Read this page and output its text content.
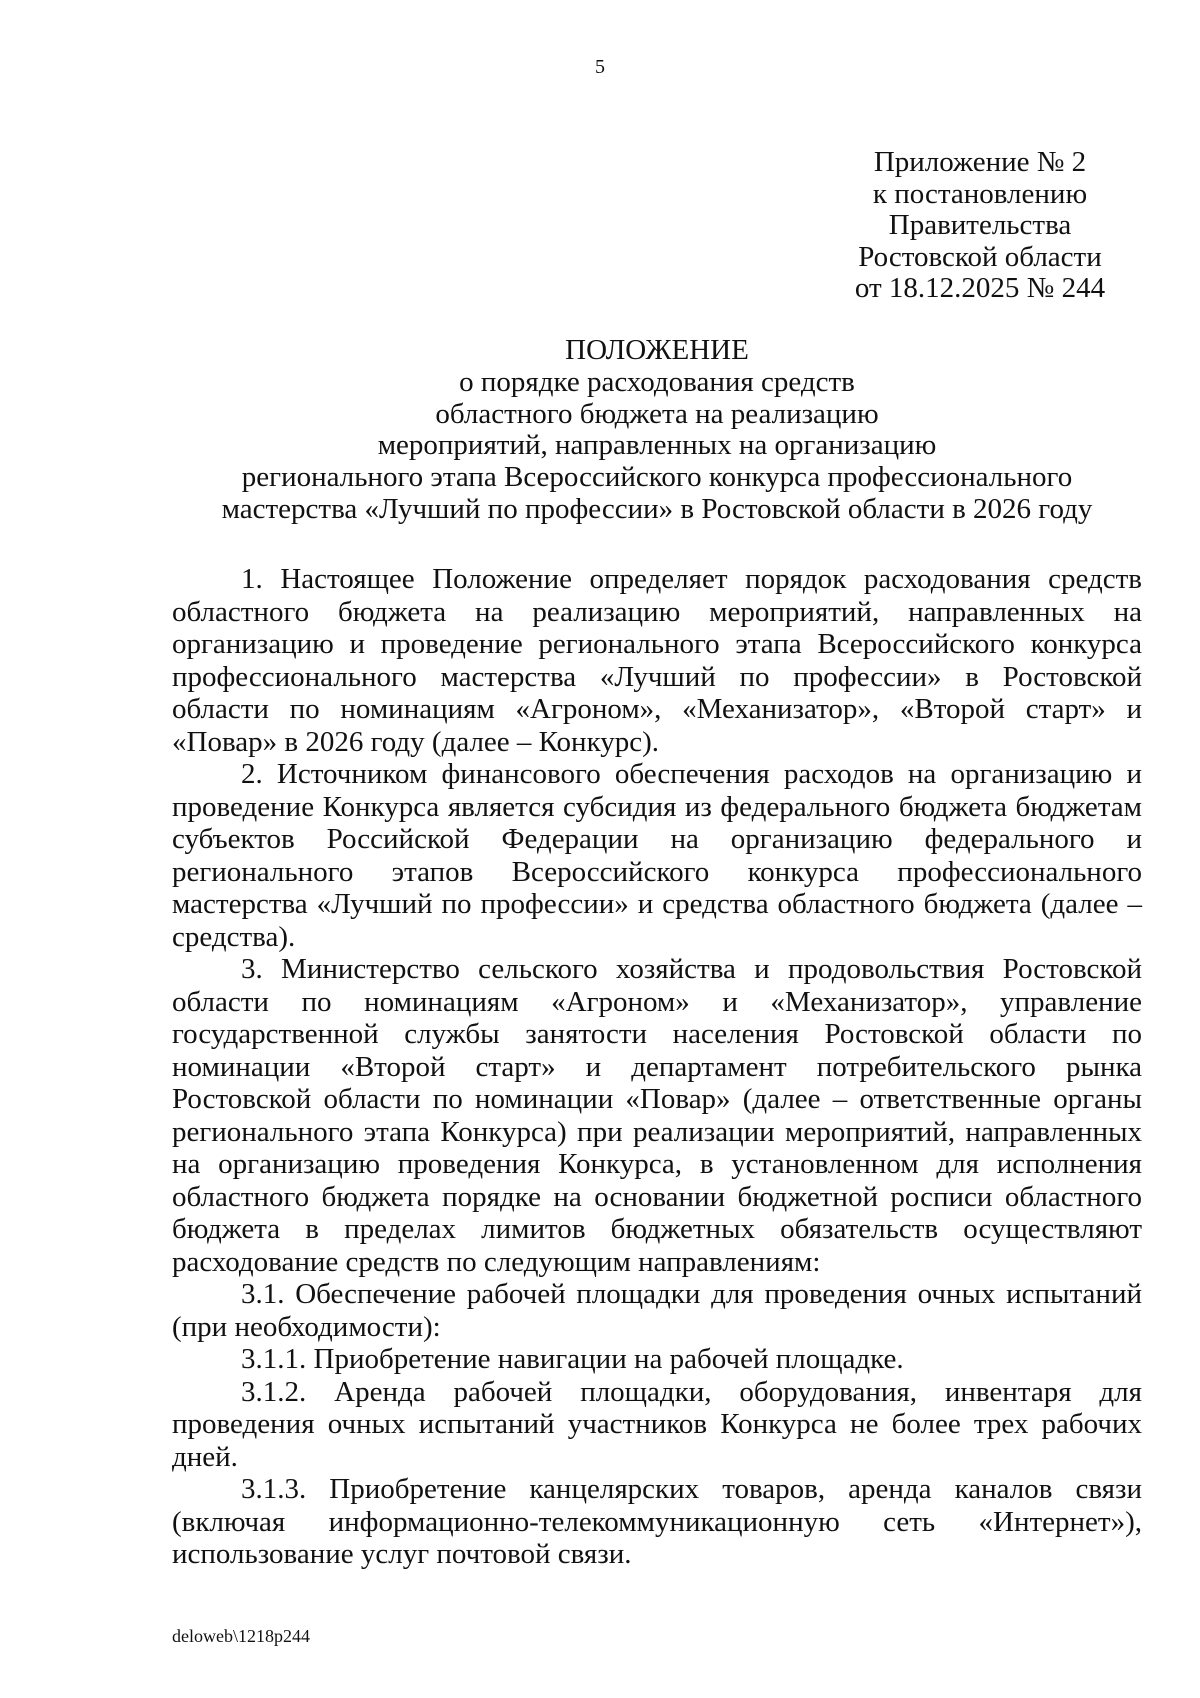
5
Приложение № 2
к постановлению
Правительства
Ростовской области
от 18.12.2025 № 244
ПОЛОЖЕНИЕ
о порядке расходования средств
областного бюджета на реализацию
мероприятий, направленных на организацию
регионального этапа Всероссийского конкурса профессионального
мастерства «Лучший по профессии» в Ростовской области в 2026 году

1. Настоящее Положение определяет порядок расходования средств областного бюджета на реализацию мероприятий, направленных на организацию и проведение регионального этапа Всероссийского конкурса профессионального мастерства «Лучший по профессии» в Ростовской области по номинациям «Агроном», «Механизатор», «Второй старт» и «Повар» в 2026 году (далее – Конкурс).

2. Источником финансового обеспечения расходов на организацию и проведение Конкурса является субсидия из федерального бюджета бюджетам субъектов Российской Федерации на организацию федерального и регионального этапов Всероссийского конкурса профессионального мастерства «Лучший по профессии» и средства областного бюджета (далее – средства).

3. Министерство сельского хозяйства и продовольствия Ростовской области по номинациям «Агроном» и «Механизатор», управление государственной службы занятости населения Ростовской области по номинации «Второй старт» и департамент потребительского рынка Ростовской области по номинации «Повар» (далее – ответственные органы регионального этапа Конкурса) при реализации мероприятий, направленных на организацию проведения Конкурса, в установленном для исполнения областного бюджета порядке на основании бюджетной росписи областного бюджета в пределах лимитов бюджетных обязательств осуществляют расходование средств по следующим направлениям:

3.1. Обеспечение рабочей площадки для проведения очных испытаний (при необходимости):

3.1.1. Приобретение навигации на рабочей площадке.

3.1.2. Аренда рабочей площадки, оборудования, инвентаря для проведения очных испытаний участников Конкурса не более трех рабочих дней.

3.1.3. Приобретение канцелярских товаров, аренда каналов связи (включая информационно-телекоммуникационную сеть «Интернет»), использование услуг почтовой связи.

deloweb\1218p244
